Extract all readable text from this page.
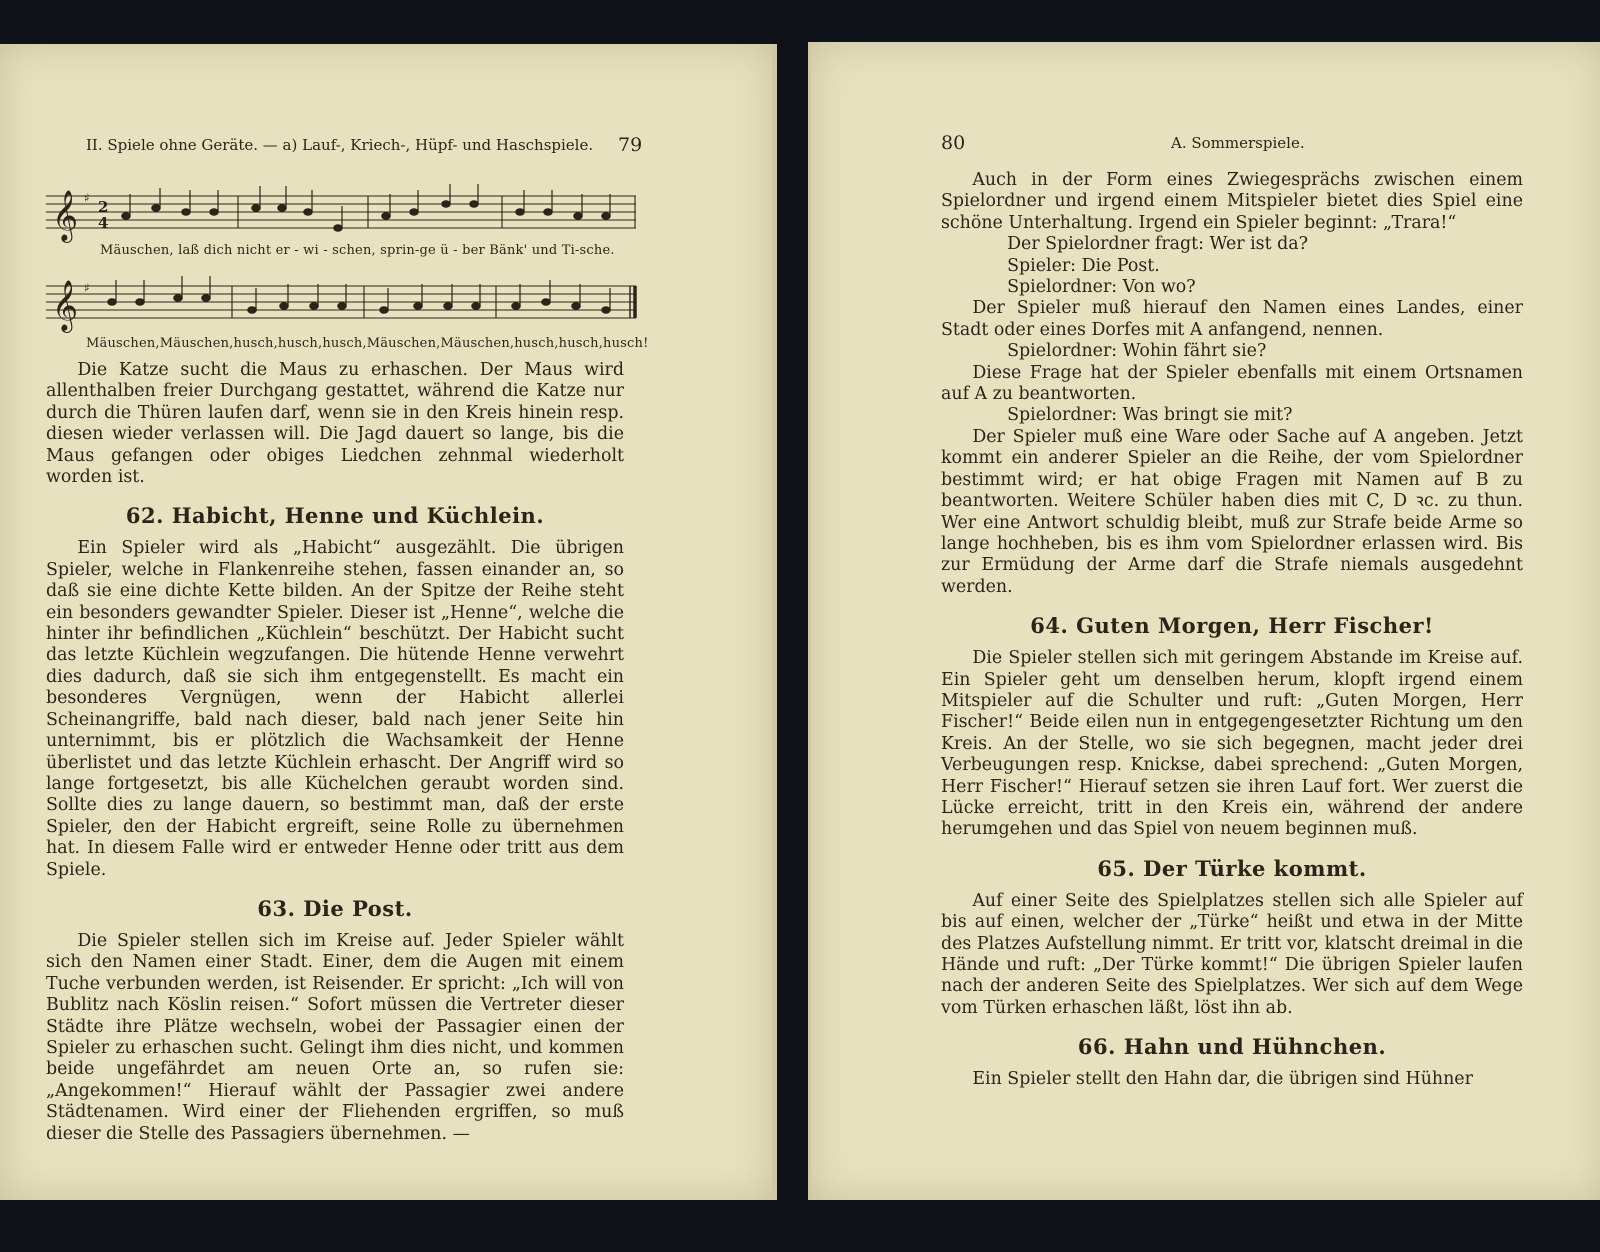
II. Spiele ohne Geräte. — a) Lauf-, Kriech-, Hüpf- und Haschspiele. 79
𝄞 ♯ 2
4
Mäuschen, laß dich nicht er - wi - schen, sprin-ge ü - ber Bänk' und Ti-sche.
𝄞 ♯
Mäuschen,Mäuschen,husch,husch,husch,Mäuschen,Mäuschen,husch,husch,husch!

Die Katze sucht die Maus zu erhaschen. Der Maus wird allenthalben freier Durchgang gestattet, während die Katze nur durch die Thüren laufen darf, wenn sie in den Kreis hinein resp. diesen wieder verlassen will. Die Jagd dauert so lange, bis die Maus gefangen oder obiges Liedchen zehnmal wiederholt worden ist.

62. Habicht, Henne und Küchlein.

Ein Spieler wird als „Habicht“ ausgezählt. Die übrigen Spieler, welche in Flankenreihe stehen, fassen einander an, so daß sie eine dichte Kette bilden. An der Spitze der Reihe steht ein besonders gewandter Spieler. Dieser ist „Henne“, welche die hinter ihr befindlichen „Küchlein“ beschützt. Der Habicht sucht das letzte Küchlein wegzufangen. Die hütende Henne verwehrt dies dadurch, daß sie sich ihm entgegenstellt. Es macht ein besonderes Vergnügen, wenn der Habicht allerlei Scheinangriffe, bald nach dieser, bald nach jener Seite hin unternimmt, bis er plötzlich die Wachsamkeit der Henne überlistet und das letzte Küchlein erhascht. Der Angriff wird so lange fortgesetzt, bis alle Küchelchen geraubt worden sind. Sollte dies zu lange dauern, so bestimmt man, daß der erste Spieler, den der Habicht ergreift, seine Rolle zu übernehmen hat. In diesem Falle wird er entweder Henne oder tritt aus dem Spiele.

63. Die Post.

Die Spieler stellen sich im Kreise auf. Jeder Spieler wählt sich den Namen einer Stadt. Einer, dem die Augen mit einem Tuche verbunden werden, ist Reisender. Er spricht: „Ich will von Bublitz nach Köslin reisen.“ Sofort müssen die Vertreter dieser Städte ihre Plätze wechseln, wobei der Passagier einen der Spieler zu erhaschen sucht. Gelingt ihm dies nicht, und kommen beide ungefährdet am neuen Orte an, so rufen sie: „Angekommen!“ Hierauf wählt der Passagier zwei andere Städtenamen. Wird einer der Fliehenden ergriffen, so muß dieser die Stelle des Passagiers übernehmen. —

80	A. Sommerspiele.

Auch in der Form eines Zwiegesprächs zwischen einem Spielordner und irgend einem Mitspieler bietet dies Spiel eine schöne Unterhaltung. Irgend ein Spieler beginnt: „Trara!“

Der Spielordner fragt: Wer ist da?

Spieler: Die Post.

Spielordner: Von wo?

Der Spieler muß hierauf den Namen eines Landes, einer Stadt oder eines Dorfes mit A anfangend, nennen.

Spielordner: Wohin fährt sie?

Diese Frage hat der Spieler ebenfalls mit einem Ortsnamen auf A zu beantworten.

Spielordner: Was bringt sie mit?

Der Spieler muß eine Ware oder Sache auf A angeben. Jetzt kommt ein anderer Spieler an die Reihe, der vom Spielordner bestimmt wird; er hat obige Fragen mit Namen auf B zu beantworten. Weitere Schüler haben dies mit C, D ꝛc. zu thun. Wer eine Antwort schuldig bleibt, muß zur Strafe beide Arme so lange hochheben, bis es ihm vom Spielordner erlassen wird. Bis zur Ermüdung der Arme darf die Strafe niemals ausgedehnt werden.

64. Guten Morgen, Herr Fischer!

Die Spieler stellen sich mit geringem Abstande im Kreise auf. Ein Spieler geht um denselben herum, klopft irgend einem Mitspieler auf die Schulter und ruft: „Guten Morgen, Herr Fischer!“ Beide eilen nun in entgegengesetzter Richtung um den Kreis. An der Stelle, wo sie sich begegnen, macht jeder drei Verbeugungen resp. Knickse, dabei sprechend: „Guten Morgen, Herr Fischer!“ Hierauf setzen sie ihren Lauf fort. Wer zuerst die Lücke erreicht, tritt in den Kreis ein, während der andere herumgehen und das Spiel von neuem beginnen muß.

65. Der Türke kommt.

Auf einer Seite des Spielplatzes stellen sich alle Spieler auf bis auf einen, welcher der „Türke“ heißt und etwa in der Mitte des Platzes Aufstellung nimmt. Er tritt vor, klatscht dreimal in die Hände und ruft: „Der Türke kommt!“ Die übrigen Spieler laufen nach der anderen Seite des Spielplatzes. Wer sich auf dem Wege vom Türken erhaschen läßt, löst ihn ab.

66. Hahn und Hühnchen.

Ein Spieler stellt den Hahn dar, die übrigen sind Hühner
